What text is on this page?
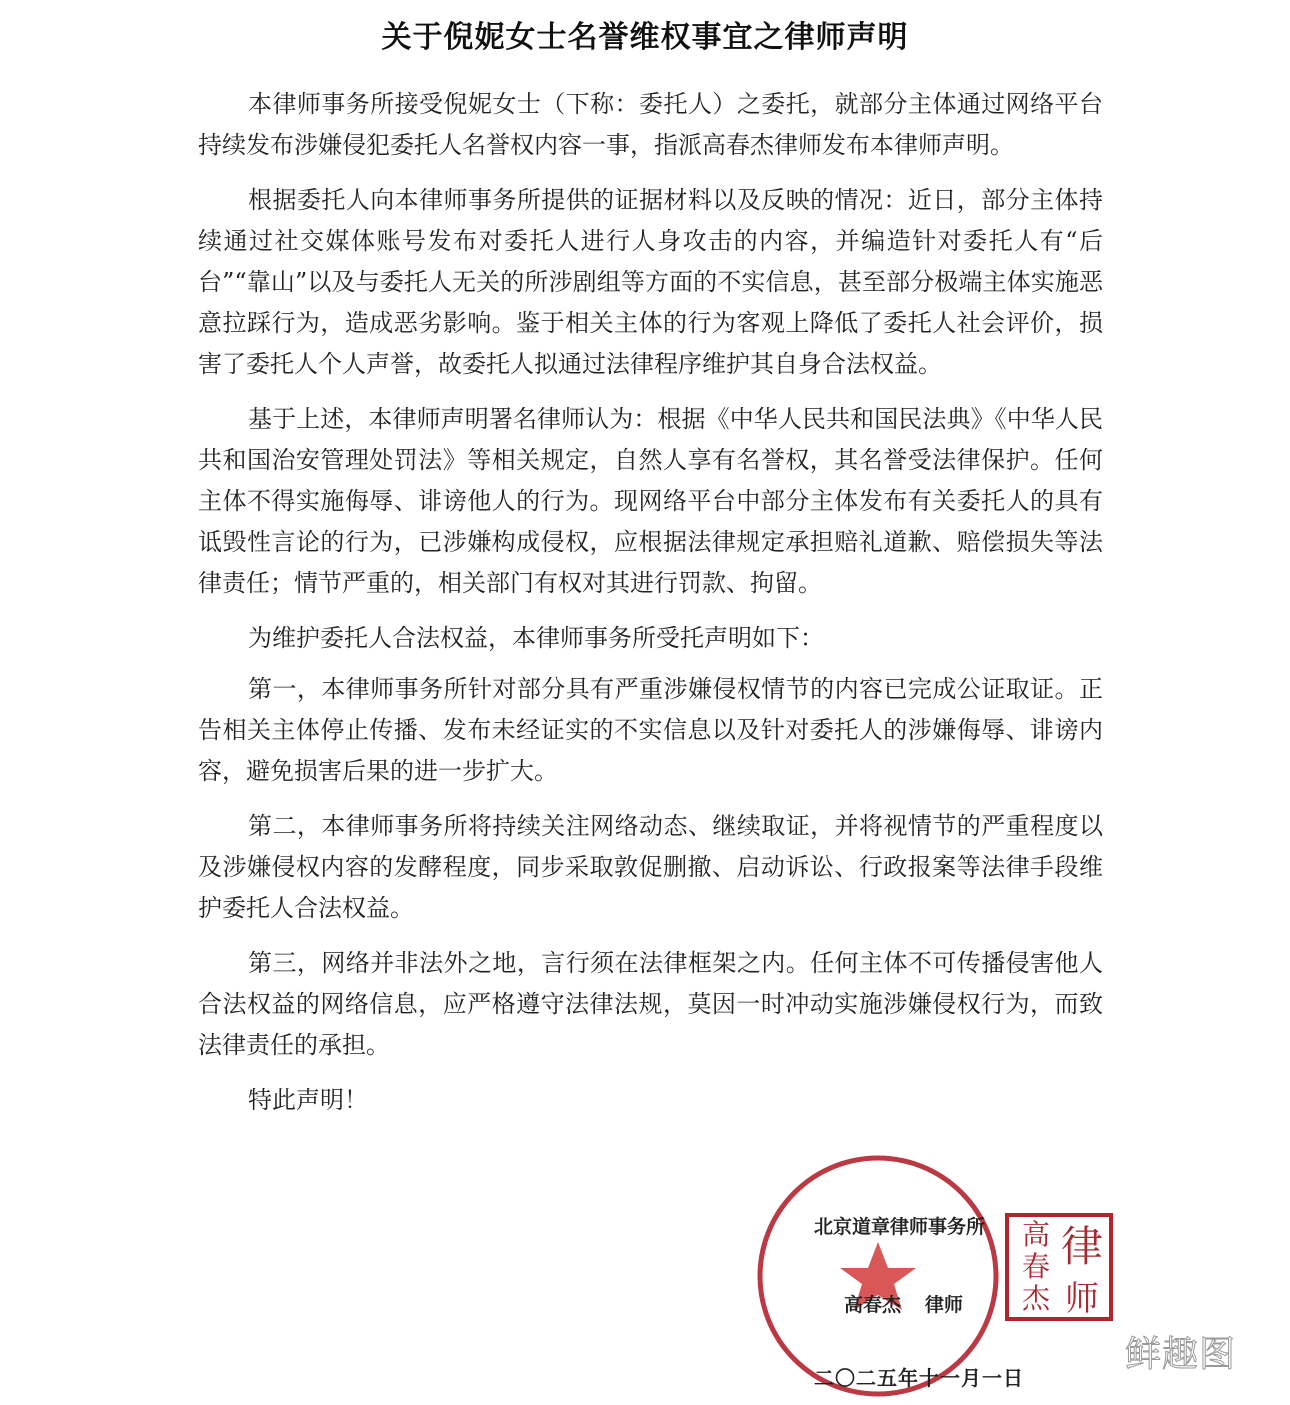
关于倪妮女士名誉维权事宜之律师声明

本律师事务所接受倪妮女士（下称：委托人）之委托，就部分主体通过网络平台持续发布涉嫌侵犯委托人名誉权内容一事，指派高春杰律师发布本律师声明。

根据委托人向本律师事务所提供的证据材料以及反映的情况：近日，部分主体持续通过社交媒体账号发布对委托人进行人身攻击的内容，并编造针对委托人有“后台”“靠山”以及与委托人无关的所涉剧组等方面的不实信息，甚至部分极端主体实施恶意拉踩行为，造成恶劣影响。鉴于相关主体的行为客观上降低了委托人社会评价，损害了委托人个人声誉，故委托人拟通过法律程序维护其自身合法权益。

基于上述，本律师声明署名律师认为：根据《中华人民共和国民法典》《中华人民共和国治安管理处罚法》等相关规定，自然人享有名誉权，其名誉受法律保护。任何主体不得实施侮辱、诽谤他人的行为。现网络平台中部分主体发布有关委托人的具有诋毁性言论的行为，已涉嫌构成侵权，应根据法律规定承担赔礼道歉、赔偿损失等法律责任；情节严重的，相关部门有权对其进行罚款、拘留。

为维护委托人合法权益，本律师事务所受托声明如下：

第一，本律师事务所针对部分具有严重涉嫌侵权情节的内容已完成公证取证。正告相关主体停止传播、发布未经证实的不实信息以及针对委托人的涉嫌侮辱、诽谤内容，避免损害后果的进一步扩大。

第二，本律师事务所将持续关注网络动态、继续取证，并将视情节的严重程度以及涉嫌侵权内容的发酵程度，同步采取敦促删撤、启动诉讼、行政报案等法律手段维护委托人合法权益。

第三，网络并非法外之地，言行须在法律框架之内。任何主体不可传播侵害他人合法权益的网络信息，应严格遵守法律法规，莫因一时冲动实施涉嫌侵权行为，而致法律责任的承担。

特此声明！

北京道章律师事务所
高春杰 律师
二〇二五年十一月一日
高
春
杰
律
师
鲜趣图
